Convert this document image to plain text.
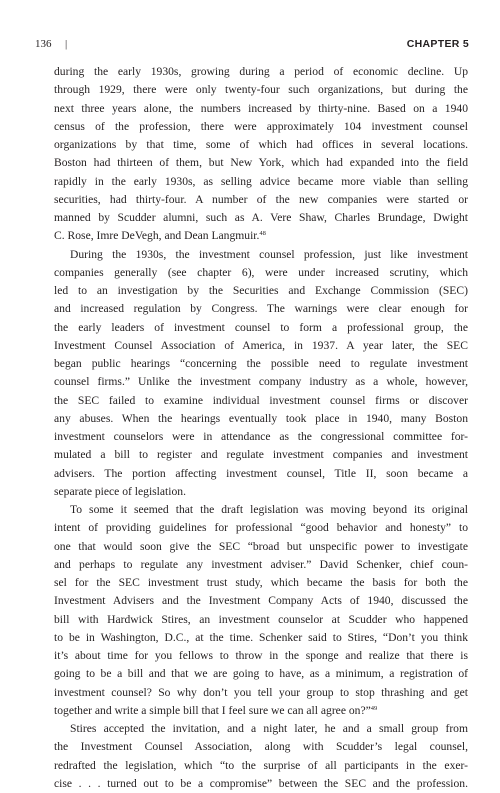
136 |	CHAPTER 5
during the early 1930s, growing during a period of economic decline. Up
through 1929, there were only twenty-four such organizations, but during the
next three years alone, the numbers increased by thirty-nine. Based on a 1940
census of the profession, there were approximately 104 investment counsel
organizations by that time, some of which had offices in several locations.
Boston had thirteen of them, but New York, which had expanded into the field
rapidly in the early 1930s, as selling advice became more viable than selling
securities, had thirty-four. A number of the new companies were started or
manned by Scudder alumni, such as A. Vere Shaw, Charles Brundage, Dwight
C. Rose, Imre DeVegh, and Dean Langmuir.$^{48}$
During the 1930s, the investment counsel profession, just like investment
companies generally (see chapter 6), were under increased scrutiny, which
led to an investigation by the Securities and Exchange Commission (SEC)
and increased regulation by Congress. The warnings were clear enough for
the early leaders of investment counsel to form a professional group, the
Investment Counsel Association of America, in 1937. A year later, the SEC
began public hearings “concerning the possible need to regulate investment
counsel firms.” Unlike the investment company industry as a whole, however,
the SEC failed to examine individual investment counsel firms or discover
any abuses. When the hearings eventually took place in 1940, many Boston
investment counselors were in attendance as the congressional committee for-
mulated a bill to register and regulate investment companies and investment
advisers. The portion affecting investment counsel, Title II, soon became a
separate piece of legislation.
To some it seemed that the draft legislation was moving beyond its original
intent of providing guidelines for professional “good behavior and honesty” to
one that would soon give the SEC “broad but unspecific power to investigate
and perhaps to regulate any investment adviser.” David Schenker, chief coun-
sel for the SEC investment trust study, which became the basis for both the
Investment Advisers and the Investment Company Acts of 1940, discussed the
bill with Hardwick Stires, an investment counselor at Scudder who happened
to be in Washington, D.C., at the time. Schenker said to Stires, “Don’t you think
it’s about time for you fellows to throw in the sponge and realize that there is
going to be a bill and that we are going to have, as a minimum, a registration of
investment counsel? So why don’t you tell your group to stop thrashing and get
together and write a simple bill that I feel sure we can all agree on?”$^{49}$
Stires accepted the invitation, and a night later, he and a small group from
the Investment Counsel Association, along with Scudder’s legal counsel,
redrafted the legislation, which “to the surprise of all participants in the exer-
cise . . . turned out to be a compromise” between the SEC and the profession.
